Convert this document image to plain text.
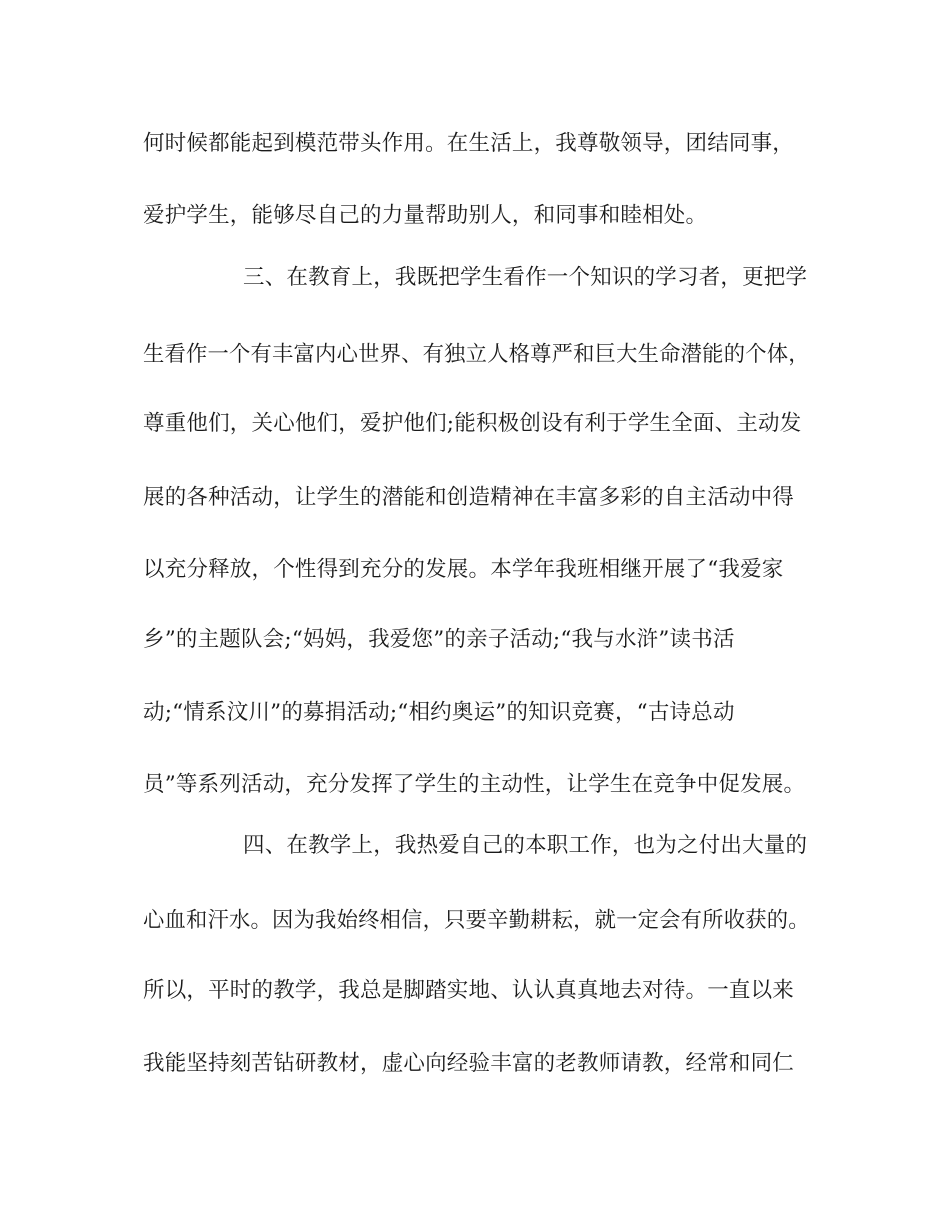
何时候都能起到模范带头作用。在生活上，我尊敬领导，团结同事，
爱护学生，能够尽自己的力量帮助别人，和同事和睦相处。
三、在教育上，我既把学生看作一个知识的学习者，更把学
生看作一个有丰富内心世界、有独立人格尊严和巨大生命潜能的个体，
尊重他们，关心他们，爱护他们;能积极创设有利于学生全面、主动发
展的各种活动，让学生的潜能和创造精神在丰富多彩的自主活动中得
以充分释放，个性得到充分的发展。本学年我班相继开展了“我爱家
乡”的主题队会;“妈妈，我爱您”的亲子活动;“我与水浒”读书活
动;“情系汶川”的募捐活动;“相约奥运”的知识竞赛，“古诗总动
员”等系列活动，充分发挥了学生的主动性，让学生在竞争中促发展。
四、在教学上，我热爱自己的本职工作，也为之付出大量的
心血和汗水。因为我始终相信，只要辛勤耕耘，就一定会有所收获的。
所以，平时的教学，我总是脚踏实地、认认真真地去对待。一直以来
我能坚持刻苦钻研教材，虚心向经验丰富的老教师请教，经常和同仁
